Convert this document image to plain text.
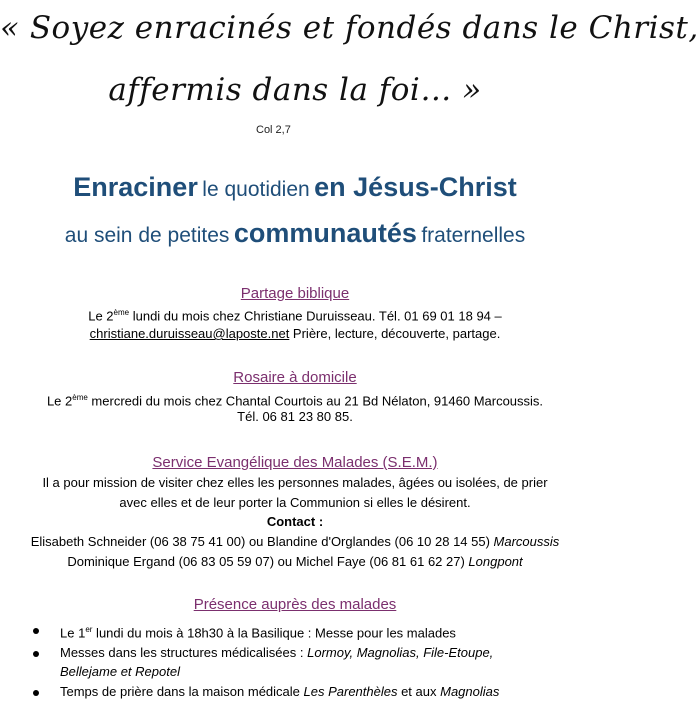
« Soyez enracinés et fondés dans le Christ,
affermis dans la foi… »
Col 2,7
Enraciner le quotidien en Jésus-Christ
au sein de petites communautés fraternelles
Partage biblique
Le 2ème lundi du mois chez Christiane Duruisseau. Tél. 01 69 01 18 94 –
christiane.duruisseau@laposte.net Prière, lecture, découverte, partage.
Rosaire à domicile
Le 2ème mercredi du mois chez Chantal Courtois au 21 Bd Nélaton, 91460 Marcoussis.
Tél. 06 81 23 80 85.
Service Evangélique des Malades (S.E.M.)
Il a pour mission de visiter chez elles les personnes malades, âgées ou isolées, de prier
avec elles et de leur porter la Communion si elles le désirent.
Contact :
Elisabeth Schneider (06 38 75 41 00) ou Blandine d'Orglandes (06 10 28 14 55) Marcoussis
Dominique Ergand (06 83 05 59 07) ou Michel Faye (06 81 61 62 27) Longpont
Présence auprès des malades
Le 1er lundi du mois à 18h30 à la Basilique : Messe pour les malades
Messes dans les structures médicalisées : Lormoy, Magnolias, File-Etoupe,
Bellejame et Repotel
Temps de prière dans la maison médicale Les Parenthèles et aux Magnolias
